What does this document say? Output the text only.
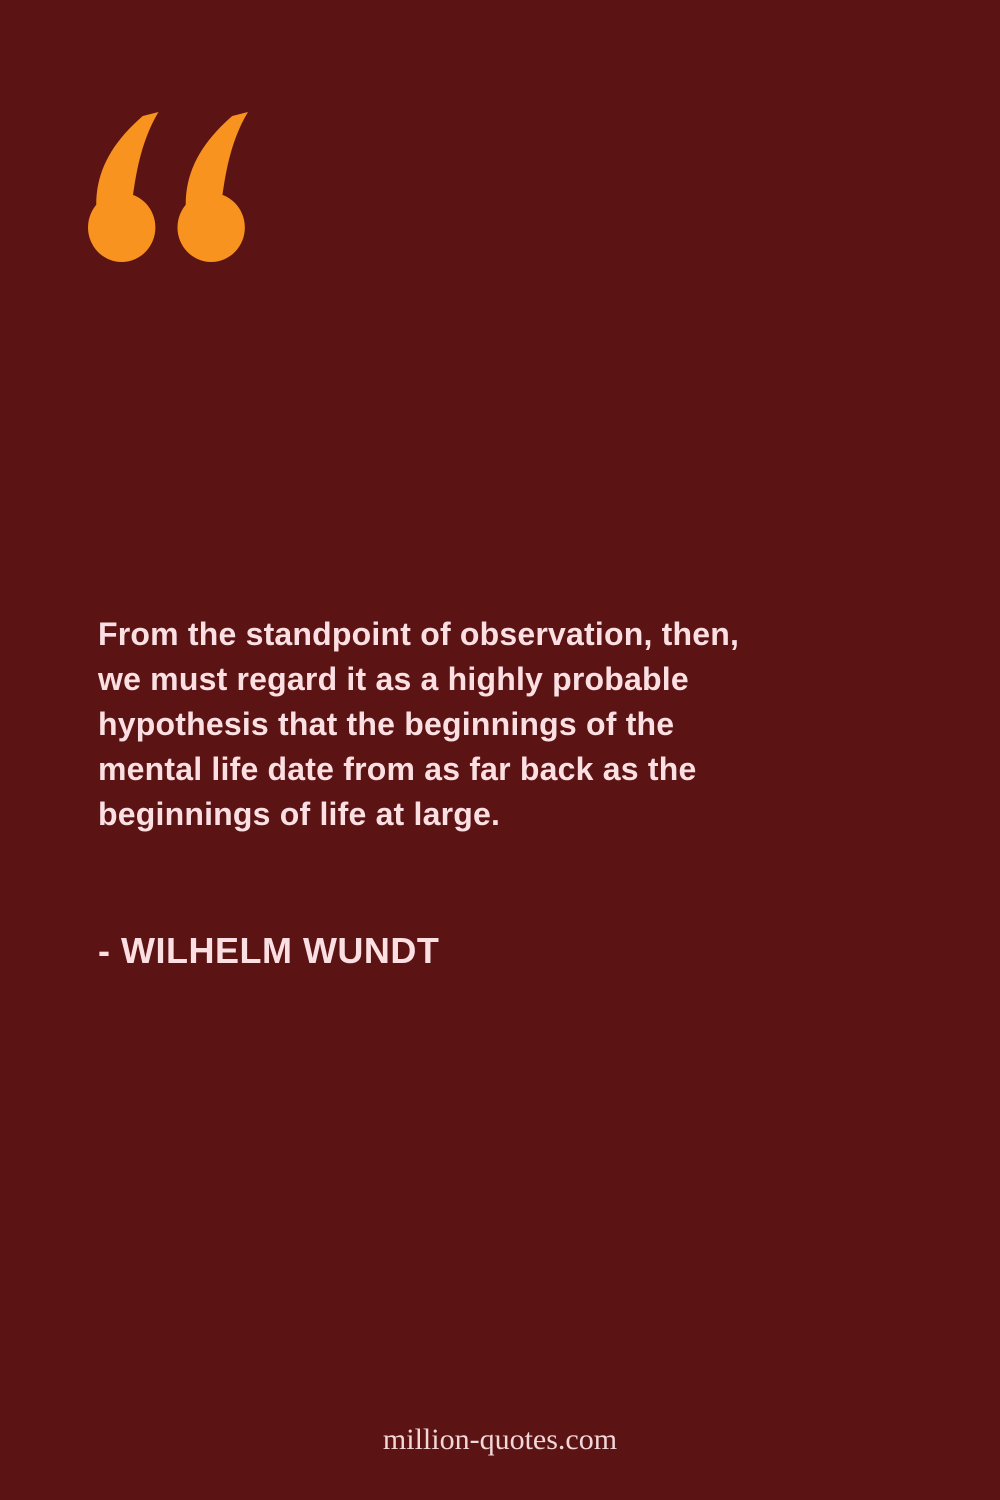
From the standpoint of observation, then,
we must regard it as a highly probable
hypothesis that the beginnings of the
mental life date from as far back as the
beginnings of life at large.
- WILHELM WUNDT
million-quotes.com
